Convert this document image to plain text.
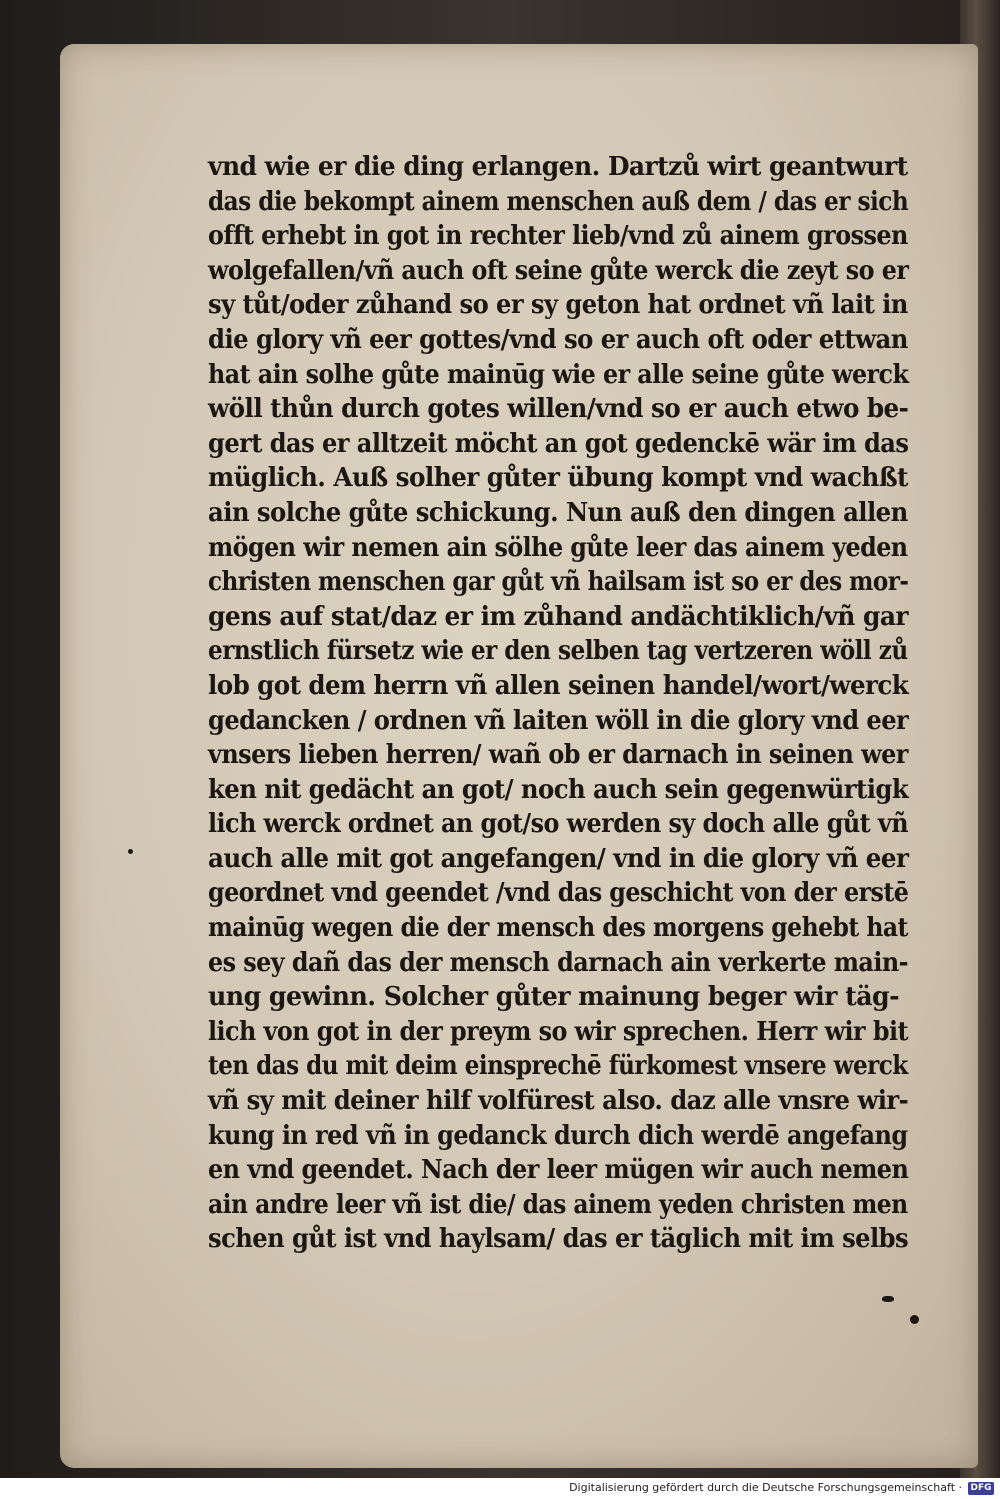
vnd wie er die ding erlangen. Dartzů wirt geantwurt
das die bekompt ainem menschen auß dem / das er sich
offt erhebt in got in rechter lieb/vnd zů ainem grossen
wolgefallen/vñ auch oft seine gůte werck die zeyt so er
sy tůt/oder zůhand so er sy geton hat ordnet vñ lait in
die glory vñ eer gottes/vnd so er auch oft oder ettwan
hat ain solhe gůte mainūg wie er alle seine gůte werck
wöll thůn durch gotes willen/vnd so er auch etwo be-
gert das er alltzeit möcht an got gedenckē wär im das
müglich. Auß solher gůter übung kompt vnd wachßt
ain solche gůte schickung. Nun auß den dingen allen
mögen wir nemen ain sölhe gůte leer das ainem yeden
christen menschen gar gůt vñ hailsam ist so er des mor-
gens auf stat/daz er im zůhand andächtiklich/vñ gar
ernstlich fürsetz wie er den selben tag vertzeren wöll zů
lob got dem herrn vñ allen seinen handel/wort/werck
gedancken / ordnen vñ laiten wöll in die glory vnd eer
vnsers lieben herren/ wañ ob er darnach in seinen wer
ken nit gedächt an got/ noch auch sein gegenwürtigk
lich werck ordnet an got/so werden sy doch alle gůt vñ
auch alle mit got angefangen/ vnd in die glory vñ eer
geordnet vnd geendet /vnd das geschicht von der erstē
mainūg wegen die der mensch des morgens gehebt hat
es sey dañ das der mensch darnach ain verkerte main-
ung gewinn. Solcher gůter mainung beger wir täg-
lich von got in der preym so wir sprechen. Herr wir bit
ten das du mit deim einsprechē fürkomest vnsere werck
vñ sy mit deiner hilf volfürest also. daz alle vnsre wir-
kung in red vñ in gedanck durch dich werdē angefang
en vnd geendet. Nach der leer mügen wir auch nemen
ain andre leer vñ ist die/ das ainem yeden christen men
schen gůt ist vnd haylsam/ das er täglich mit im selbs
Digitalisierung gefördert durch die Deutsche Forschungsgemeinschaft · DFG
